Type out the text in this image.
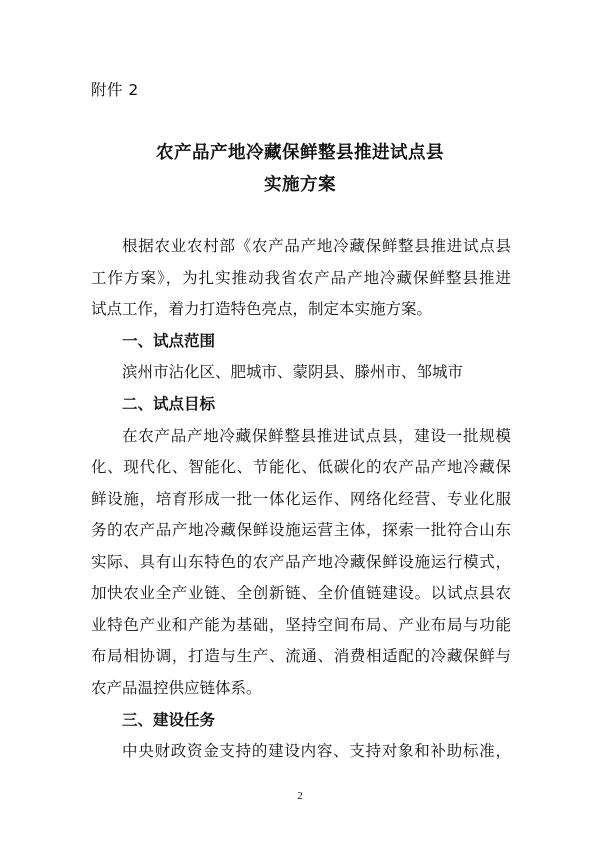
附件 2
农产品产地冷藏保鲜整县推进试点县
实施方案
根据农业农村部《农产品产地冷藏保鲜整县推进试点县
工作方案》，为扎实推动我省农产品产地冷藏保鲜整县推进
试点工作，着力打造特色亮点，制定本实施方案。
一、试点范围
滨州市沾化区、肥城市、蒙阴县、滕州市、邹城市
二、试点目标
在农产品产地冷藏保鲜整县推进试点县，建设一批规模
化、现代化、智能化、节能化、低碳化的农产品产地冷藏保
鲜设施，培育形成一批一体化运作、网络化经营、专业化服
务的农产品产地冷藏保鲜设施运营主体，探索一批符合山东
实际、具有山东特色的农产品产地冷藏保鲜设施运行模式，
加快农业全产业链、全创新链、全价值链建设。以试点县农
业特色产业和产能为基础，坚持空间布局、产业布局与功能
布局相协调，打造与生产、流通、消费相适配的冷藏保鲜与
农产品温控供应链体系。
三、建设任务
中央财政资金支持的建设内容、支持对象和补助标准，
2
